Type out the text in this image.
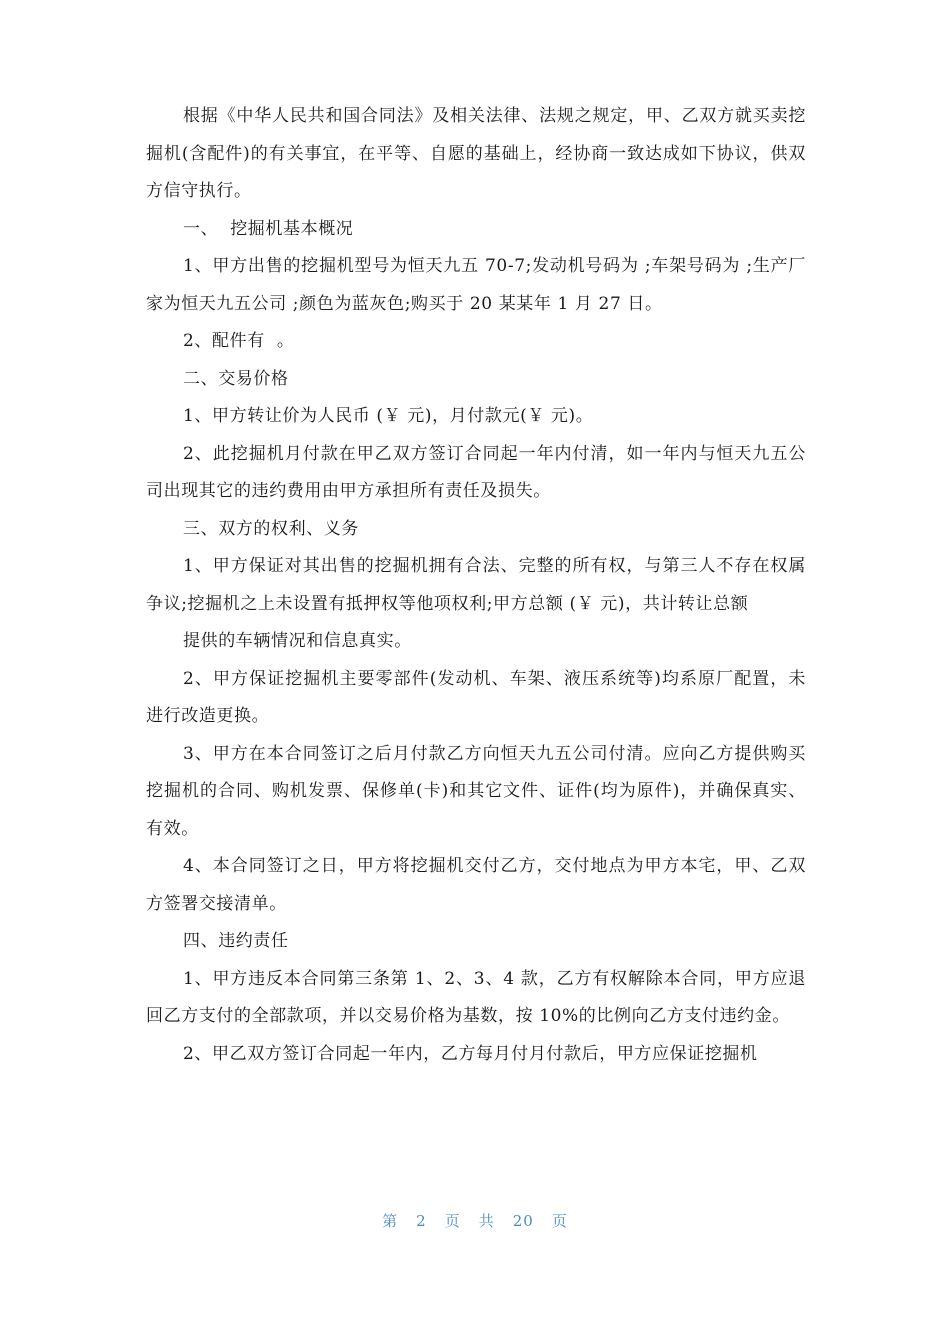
根据《中华人民共和国合同法》及相关法律、法规之规定，甲、乙双方就买卖挖掘机(含配件)的有关事宜，在平等、自愿的基础上，经协商一致达成如下协议，供双方信守执行。

一、  挖掘机基本概况

1、甲方出售的挖掘机型号为恒天九五 70-7;发动机号码为 ;车架号码为 ;生产厂家为恒天九五公司 ;颜色为蓝灰色;购买于 20 某某年 1 月 27 日。

2、配件有  。

二、交易价格

1、甲方转让价为人民币 (￥ 元)，月付款元(￥ 元)。

2、此挖掘机月付款在甲乙双方签订合同起一年内付清，如一年内与恒天九五公司出现其它的违约费用由甲方承担所有责任及损失。

三、双方的权利、义务

1、甲方保证对其出售的挖掘机拥有合法、完整的所有权，与第三人不存在权属争议;挖掘机之上未设置有抵押权等他项权利;甲方总额 (￥ 元)，共计转让总额

提供的车辆情况和信息真实。

2、甲方保证挖掘机主要零部件(发动机、车架、液压系统等)均系原厂配置，未进行改造更换。

3、甲方在本合同签订之后月付款乙方向恒天九五公司付清。应向乙方提供购买挖掘机的合同、购机发票、保修单(卡)和其它文件、证件(均为原件)，并确保真实、有效。

4、本合同签订之日，甲方将挖掘机交付乙方，交付地点为甲方本宅，甲、乙双方签署交接清单。

四、违约责任

1、甲方违反本合同第三条第 1、2、3、4 款，乙方有权解除本合同，甲方应退回乙方支付的全部款项，并以交易价格为基数，按 10%的比例向乙方支付违约金。

2、甲乙双方签订合同起一年内，乙方每月付月付款后，甲方应保证挖掘机

第 2 页 共 20 页
